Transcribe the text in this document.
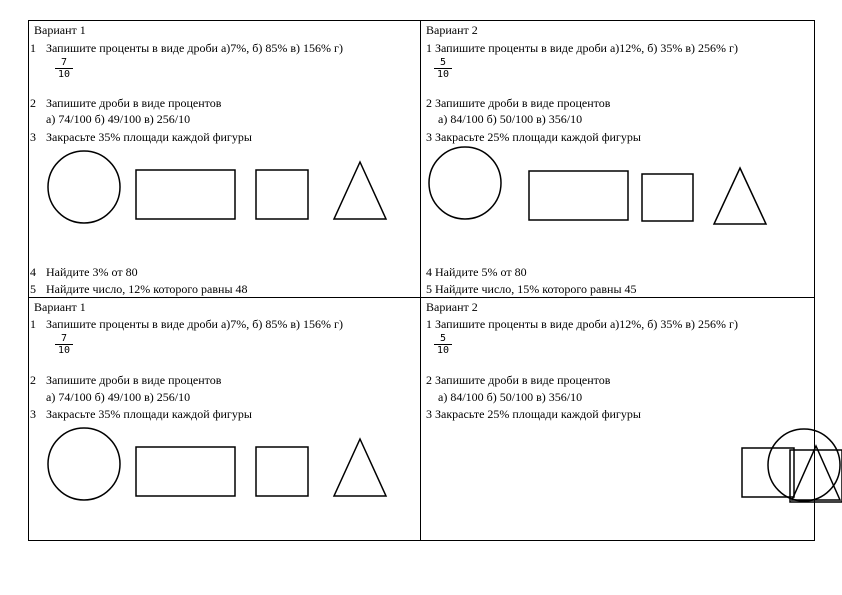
Вариант 1
1 Запишите проценты в виде дроби а)7%, б) 85% в) 156% г)
$\frac{7}{10}$
2 Запишите дроби в виде процентов
а) 74/100 б) 49/100 в) 256/10
3 Закрасьте 35% площади каждой фигуры
4 Найдите 3% от 80
5 Найдите число, 12% которого равны 48
Вариант 2
1 Запишите проценты в виде дроби а)12%, б) 35% в) 256% г)
$\frac{5}{10}$
2 Запишите дроби в виде процентов
а) 84/100 б) 50/100 в) 356/10
3 Закрасьте 25% площади каждой фигуры
4 Найдите 5% от 80
5 Найдите число, 15% которого равны 45
Вариант 1
1 Запишите проценты в виде дроби а)7%, б) 85% в) 156% г)
$\frac{7}{10}$
2 Запишите дроби в виде процентов
а) 74/100 б) 49/100 в) 256/10
3 Закрасьте 35% площади каждой фигуры
Вариант 2
1 Запишите проценты в виде дроби а)12%, б) 35% в) 256% г)
$\frac{5}{10}$
2 Запишите дроби в виде процентов
а) 84/100 б) 50/100 в) 356/10
3 Закрасьте 25% площади каждой фигуры
